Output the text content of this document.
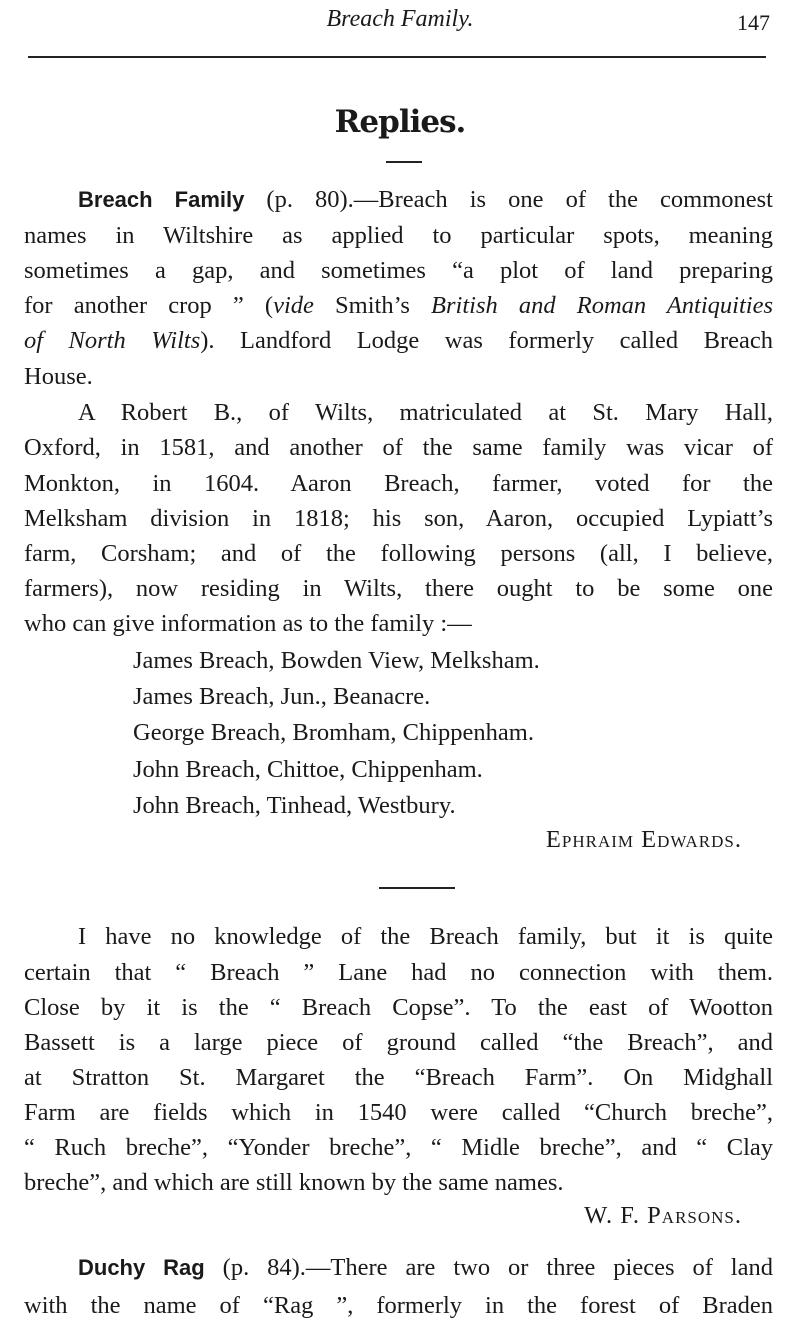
Breach Family.	147
Replies.
Breach Family (p. 80).—Breach is one of the commonest
names in Wiltshire as applied to particular spots, meaning
sometimes a gap, and sometimes “a plot of land preparing
for another crop ” (vide Smith’s British and Roman Antiquities
of North Wilts). Landford Lodge was formerly called Breach
House.
A Robert B., of Wilts, matriculated at St. Mary Hall,
Oxford, in 1581, and another of the same family was vicar of
Monkton, in 1604. Aaron Breach, farmer, voted for the
Melksham division in 1818; his son, Aaron, occupied Lypiatt’s
farm, Corsham; and of the following persons (all, I believe,
farmers), now residing in Wilts, there ought to be some one
who can give information as to the family :—
James Breach, Bowden View, Melksham.
James Breach, Jun., Beanacre.
George Breach, Bromham, Chippenham.
John Breach, Chittoe, Chippenham.
John Breach, Tinhead, Westbury.
Ephraim Edwards.
I have no knowledge of the Breach family, but it is quite
certain that “ Breach ” Lane had no connection with them.
Close by it is the “ Breach Copse”. To the east of Wootton
Bassett is a large piece of ground called “the Breach”, and
at Stratton St. Margaret the “Breach Farm”. On Midghall
Farm are fields which in 1540 were called “Church breche”,
“ Ruch breche”, “Yonder breche”, “ Midle breche”, and “ Clay
breche”, and which are still known by the same names.
W. F. Parsons.
Duchy Rag (p. 84).—There are two or three pieces of land
with the name of “Rag ”, formerly in the forest of Braden
